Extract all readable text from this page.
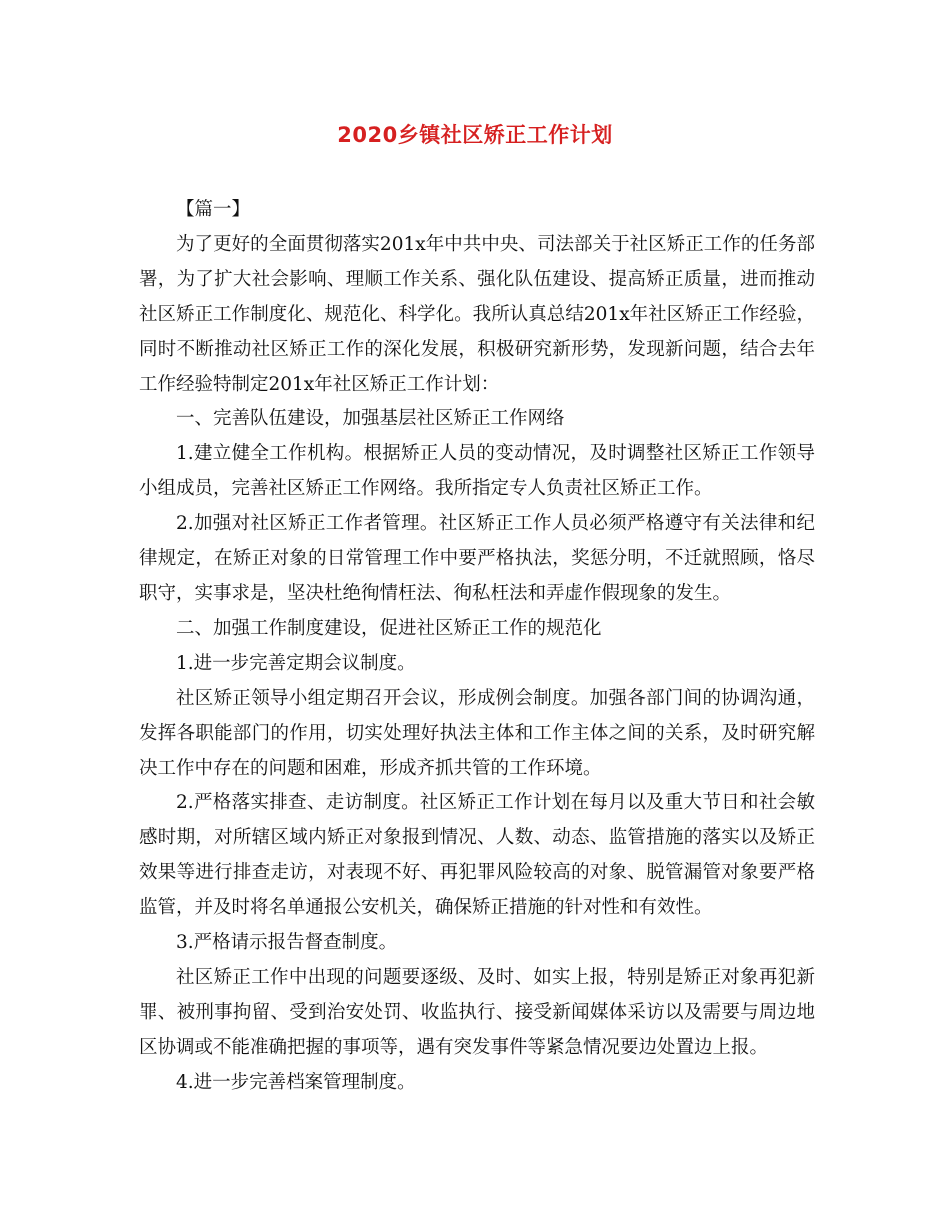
2020乡镇社区矫正工作计划

【篇一】

为了更好的全面贯彻落实201x年中共中央、司法部关于社区矫正工作的任务部署，为了扩大社会影响、理顺工作关系、强化队伍建设、提高矫正质量，进而推动社区矫正工作制度化、规范化、科学化。我所认真总结201x年社区矫正工作经验，同时不断推动社区矫正工作的深化发展，积极研究新形势，发现新问题，结合去年工作经验特制定201x年社区矫正工作计划：

一、完善队伍建设，加强基层社区矫正工作网络

1.建立健全工作机构。根据矫正人员的变动情况，及时调整社区矫正工作领导小组成员，完善社区矫正工作网络。我所指定专人负责社区矫正工作。

2.加强对社区矫正工作者管理。社区矫正工作人员必须严格遵守有关法律和纪律规定，在矫正对象的日常管理工作中要严格执法，奖惩分明，不迁就照顾，恪尽职守，实事求是，坚决杜绝徇情枉法、徇私枉法和弄虚作假现象的发生。

二、加强工作制度建设，促进社区矫正工作的规范化

1.进一步完善定期会议制度。

社区矫正领导小组定期召开会议，形成例会制度。加强各部门间的协调沟通，发挥各职能部门的作用，切实处理好执法主体和工作主体之间的关系，及时研究解决工作中存在的问题和困难，形成齐抓共管的工作环境。

2.严格落实排查、走访制度。社区矫正工作计划在每月以及重大节日和社会敏感时期，对所辖区域内矫正对象报到情况、人数、动态、监管措施的落实以及矫正效果等进行排查走访，对表现不好、再犯罪风险较高的对象、脱管漏管对象要严格监管，并及时将名单通报公安机关，确保矫正措施的针对性和有效性。

3.严格请示报告督查制度。

社区矫正工作中出现的问题要逐级、及时、如实上报，特别是矫正对象再犯新罪、被刑事拘留、受到治安处罚、收监执行、接受新闻媒体采访以及需要与周边地区协调或不能准确把握的事项等，遇有突发事件等紧急情况要边处置边上报。

4.进一步完善档案管理制度。
